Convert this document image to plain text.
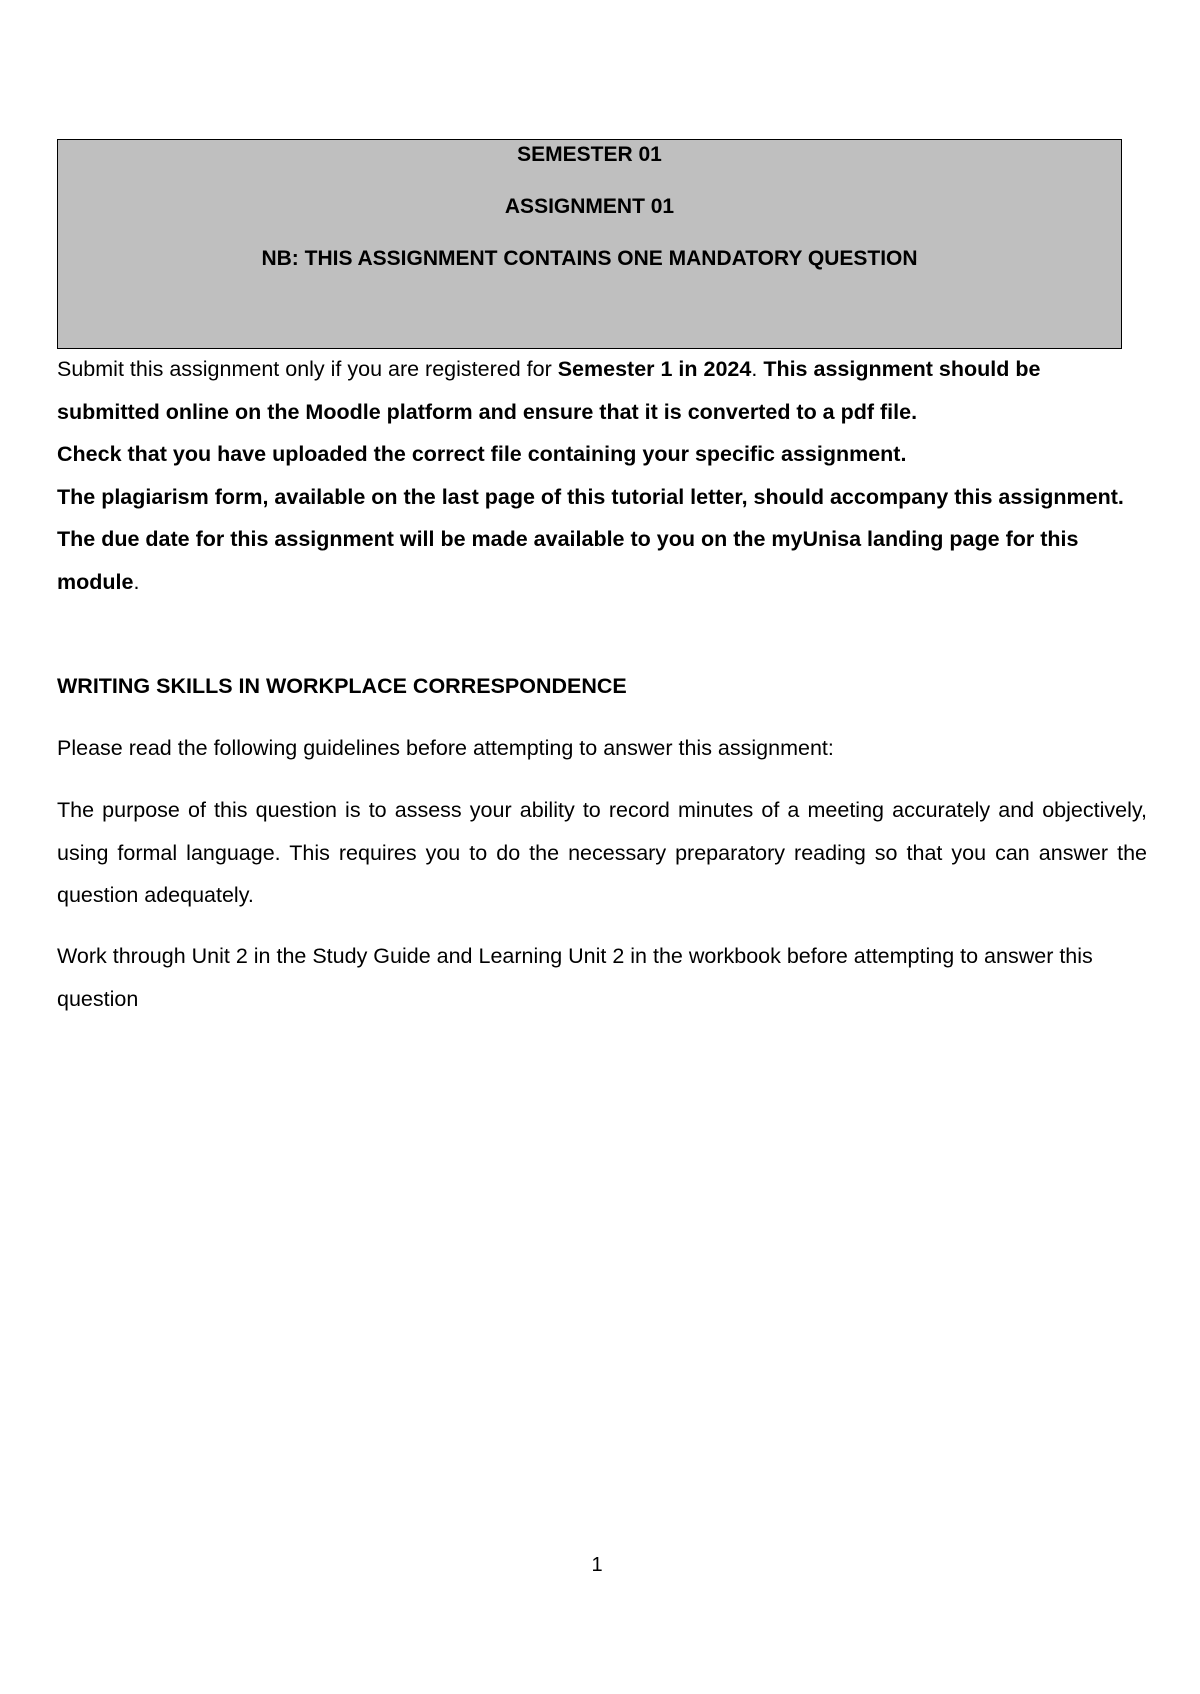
SEMESTER 01
ASSIGNMENT 01
NB: THIS ASSIGNMENT CONTAINS ONE MANDATORY QUESTION
Submit this assignment only if you are registered for Semester 1 in 2024. This assignment should be submitted online on the Moodle platform and ensure that it is converted to a pdf file.
Check that you have uploaded the correct file containing your specific assignment.
The plagiarism form, available on the last page of this tutorial letter, should accompany this assignment.
The due date for this assignment will be made available to you on the myUnisa landing page for this module.
WRITING SKILLS IN WORKPLACE CORRESPONDENCE
Please read the following guidelines before attempting to answer this assignment:
The purpose of this question is to assess your ability to record minutes of a meeting accurately and objectively, using formal language. This requires you to do the necessary preparatory reading so that you can answer the question adequately.
Work through Unit 2 in the Study Guide and Learning Unit 2 in the workbook before attempting to answer this question
1
